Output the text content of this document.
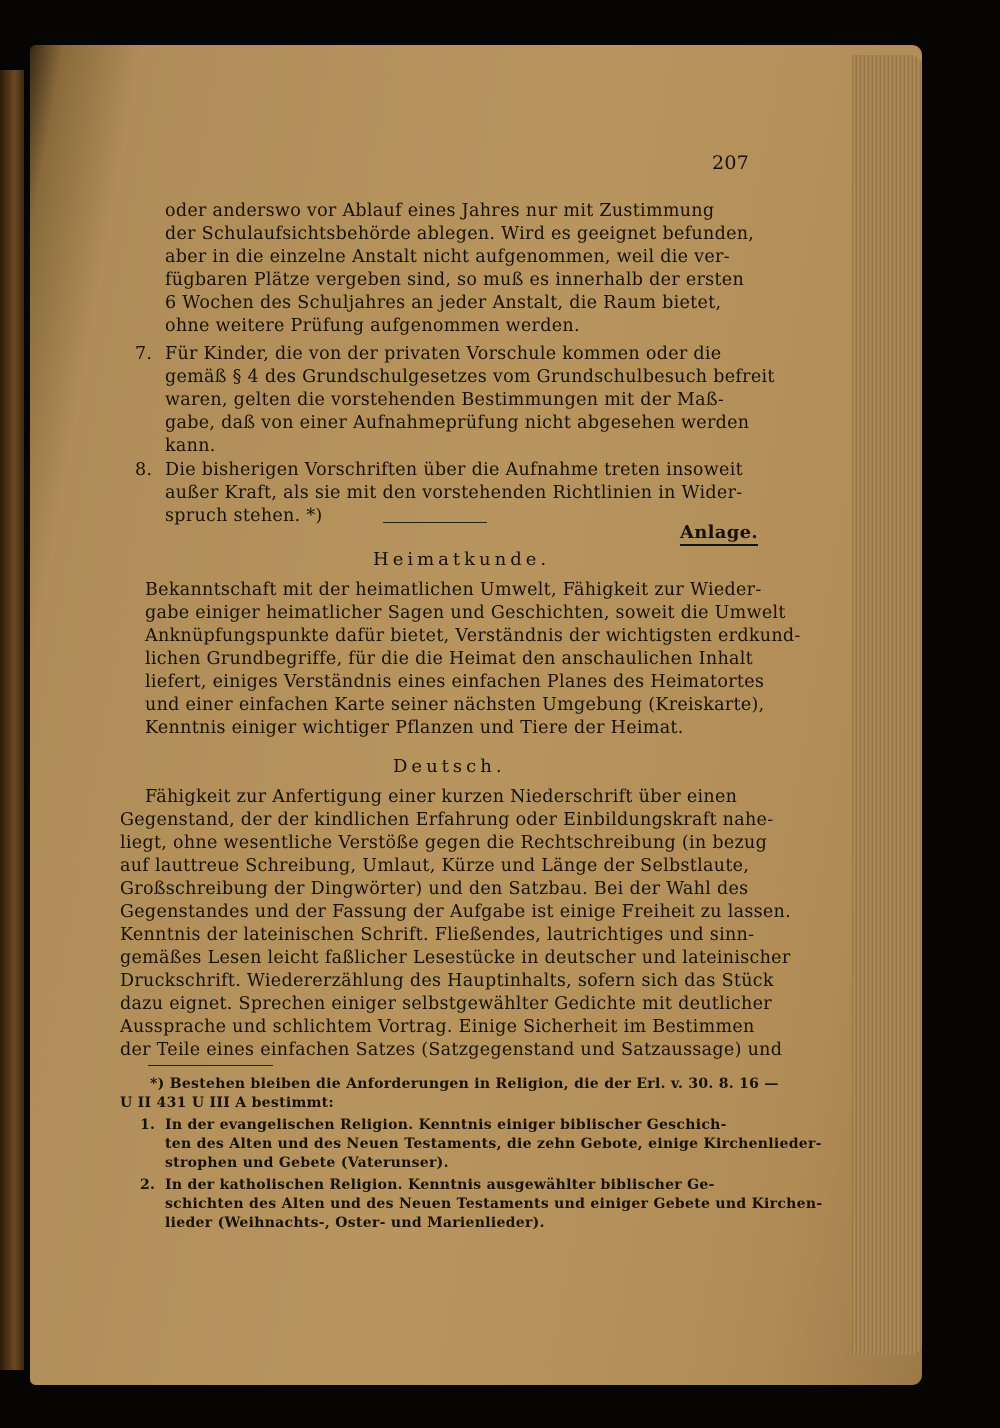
207
oder anderswo vor Ablauf eines Jahres nur mit Zustimmung
der Schulaufsichtsbehörde ablegen. Wird es geeignet befunden,
aber in die einzelne Anstalt nicht aufgenommen, weil die ver-
fügbaren Plätze vergeben sind, so muß es innerhalb der ersten
6 Wochen des Schuljahres an jeder Anstalt, die Raum bietet,
ohne weitere Prüfung aufgenommen werden.
7. Für Kinder, die von der privaten Vorschule kommen oder die
gemäß § 4 des Grundschulgesetzes vom Grundschulbesuch befreit
waren, gelten die vorstehenden Bestimmungen mit der Maß-
gabe, daß von einer Aufnahmeprüfung nicht abgesehen werden
kann.
8. Die bisherigen Vorschriften über die Aufnahme treten insoweit
außer Kraft, als sie mit den vorstehenden Richtlinien in Wider-
spruch stehen. *)
Anlage.
Heimatkunde.
Bekanntschaft mit der heimatlichen Umwelt, Fähigkeit zur Wieder-
gabe einiger heimatlicher Sagen und Geschichten, soweit die Umwelt
Anknüpfungspunkte dafür bietet, Verständnis der wichtigsten erdkund-
lichen Grundbegriffe, für die die Heimat den anschaulichen Inhalt
liefert, einiges Verständnis eines einfachen Planes des Heimatortes
und einer einfachen Karte seiner nächsten Umgebung (Kreiskarte),
Kenntnis einiger wichtiger Pflanzen und Tiere der Heimat.
Deutsch.
Fähigkeit zur Anfertigung einer kurzen Niederschrift über einen
Gegenstand, der der kindlichen Erfahrung oder Einbildungskraft nahe-
liegt, ohne wesentliche Verstöße gegen die Rechtschreibung (in bezug
auf lauttreue Schreibung, Umlaut, Kürze und Länge der Selbstlaute,
Großschreibung der Dingwörter) und den Satzbau. Bei der Wahl des
Gegenstandes und der Fassung der Aufgabe ist einige Freiheit zu lassen.
Kenntnis der lateinischen Schrift. Fließendes, lautrichtiges und sinn-
gemäßes Lesen leicht faßlicher Lesestücke in deutscher und lateinischer
Druckschrift. Wiedererzählung des Hauptinhalts, sofern sich das Stück
dazu eignet. Sprechen einiger selbstgewählter Gedichte mit deutlicher
Aussprache und schlichtem Vortrag. Einige Sicherheit im Bestimmen
der Teile eines einfachen Satzes (Satzgegenstand und Satzaussage) und
*) Bestehen bleiben die Anforderungen in Religion, die der Erl. v. 30. 8. 16 —
U II 431 U III A bestimmt:
1. In der evangelischen Religion. Kenntnis einiger biblischer Geschich-
ten des Alten und des Neuen Testaments, die zehn Gebote, einige Kirchenlieder-
strophen und Gebete (Vaterunser).
2. In der katholischen Religion. Kenntnis ausgewählter biblischer Ge-
schichten des Alten und des Neuen Testaments und einiger Gebete und Kirchen-
lieder (Weihnachts-, Oster- und Marienlieder).
